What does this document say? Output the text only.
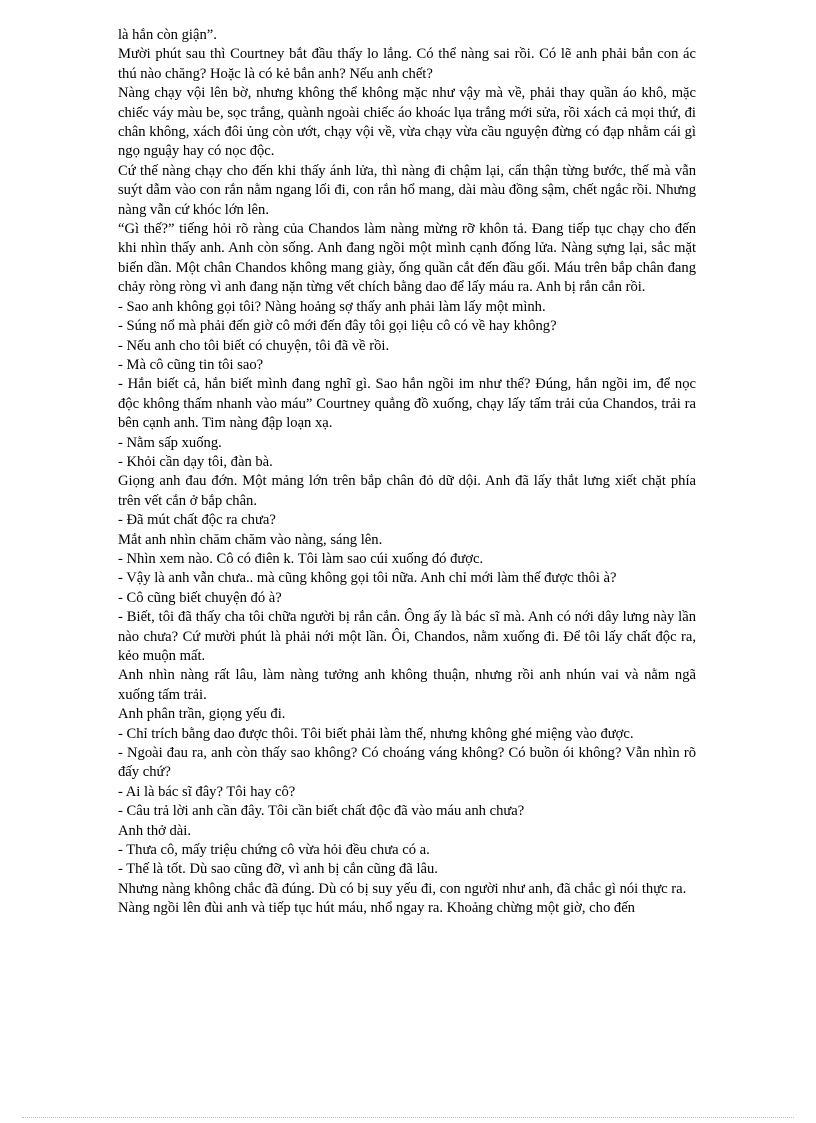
là hắn còn giận”.

Mười phút sau thì Courtney bắt đầu thấy lo lắng. Có thể nàng sai rồi. Có lẽ anh phải bắn con ác thú nào chăng? Hoặc là có kẻ bắn anh? Nếu anh chết?

Nàng chạy vội lên bờ, nhưng không thể không mặc như vậy mà về, phải thay quần áo khô, mặc chiếc váy màu be, sọc trắng, quành ngoài chiếc áo khoác lụa trắng mới sửa, rồi xách cả mọi thứ, đi chân không, xách đôi ủng còn ướt, chạy vội về, vừa chạy vừa cầu nguyện đừng có đạp nhằm cái gì ngọ nguậy hay có nọc độc.

Cứ thế nàng chạy cho đến khi thấy ánh lửa, thì nàng đi chậm lại, cẩn thận từng bước, thế mà vẫn suýt dẫm vào con rắn nằm ngang lối đi, con rắn hổ mang, dài màu đồng sậm, chết ngắc rồi. Nhưng nàng vẫn cứ khóc lớn lên.

“Gì thế?” tiếng hỏi rõ ràng của Chandos làm nàng mừng rỡ khôn tả. Đang tiếp tục chạy cho đến khi nhìn thấy anh. Anh còn sống. Anh đang ngồi một mình cạnh đống lửa. Nàng sựng lại, sắc mặt biến dần. Một chân Chandos không mang giày, ống quần cắt đến đầu gối. Máu trên bắp chân đang chảy ròng ròng vì anh đang nặn từng vết chích bằng dao để lấy máu ra. Anh bị rắn cắn rồi.

- Sao anh không gọi tôi? Nàng hoảng sợ thấy anh phải làm lấy một mình.

- Súng nổ mà phải đến giờ cô mới đến đây tôi gọi liệu cô có về hay không?

- Nếu anh cho tôi biết có chuyện, tôi đã về rồi.

- Mà cô cũng tin tôi sao?

- Hắn biết cả, hắn biết mình đang nghĩ gì. Sao hắn ngồi im như thế? Đúng, hắn ngồi im, để nọc độc không thấm nhanh vào máu” Courtney quẳng đồ xuống, chạy lấy tấm trải của Chandos, trải ra bên cạnh anh. Tim nàng đập loạn xạ.

- Nằm sấp xuống.

- Khỏi cần dạy tôi, đàn bà.

Giọng anh đau đớn. Một mảng lớn trên bắp chân đỏ dữ dội. Anh đã lấy thắt lưng xiết chặt phía trên vết cắn ở bắp chân.

- Đã mút chất độc ra chưa?

Mắt anh nhìn chăm chăm vào nàng, sáng lên.

- Nhìn xem nào. Cô có điên k. Tôi làm sao cúi xuống đó được.

- Vậy là anh vẫn chưa.. mà cũng không gọi tôi nữa. Anh chỉ mới làm thế được thôi à?

- Cô cũng biết chuyện đó à?

- Biết, tôi đã thấy cha tôi chữa người bị rắn cắn. Ông ấy là bác sĩ mà. Anh có nới dây lưng này lần nào chưa? Cứ mười phút là phải nới một lần. Ôi, Chandos, nằm xuống đi. Để tôi lấy chất độc ra, kẻo muộn mất.

Anh nhìn nàng rất lâu, làm nàng tưởng anh không thuận, nhưng rồi anh nhún vai và nằm ngã xuống tấm trải.

Anh phân trần, giọng yếu đi.

- Chỉ trích bằng dao được thôi. Tôi biết phải làm thế, nhưng không ghé miệng vào được.

- Ngoài đau ra, anh còn thấy sao không? Có choáng váng không? Có buồn ói không? Vẫn nhìn rõ đấy chứ?

- Ai là bác sĩ đây? Tôi hay cô?

- Câu trả lời anh cần đây. Tôi cần biết chất độc đã vào máu anh chưa?

Anh thở dài.

- Thưa cô, mấy triệu chứng cô vừa hỏi đều chưa có a.

- Thế là tốt. Dù sao cũng đỡ, vì anh bị cắn cũng đã lâu.

Nhưng nàng không chắc đã đúng. Dù có bị suy yếu đi, con người như anh, đã chắc gì nói thực ra.

Nàng ngồi lên đùi anh và tiếp tục hút máu, nhổ ngay ra. Khoảng chừng một giờ, cho đến
